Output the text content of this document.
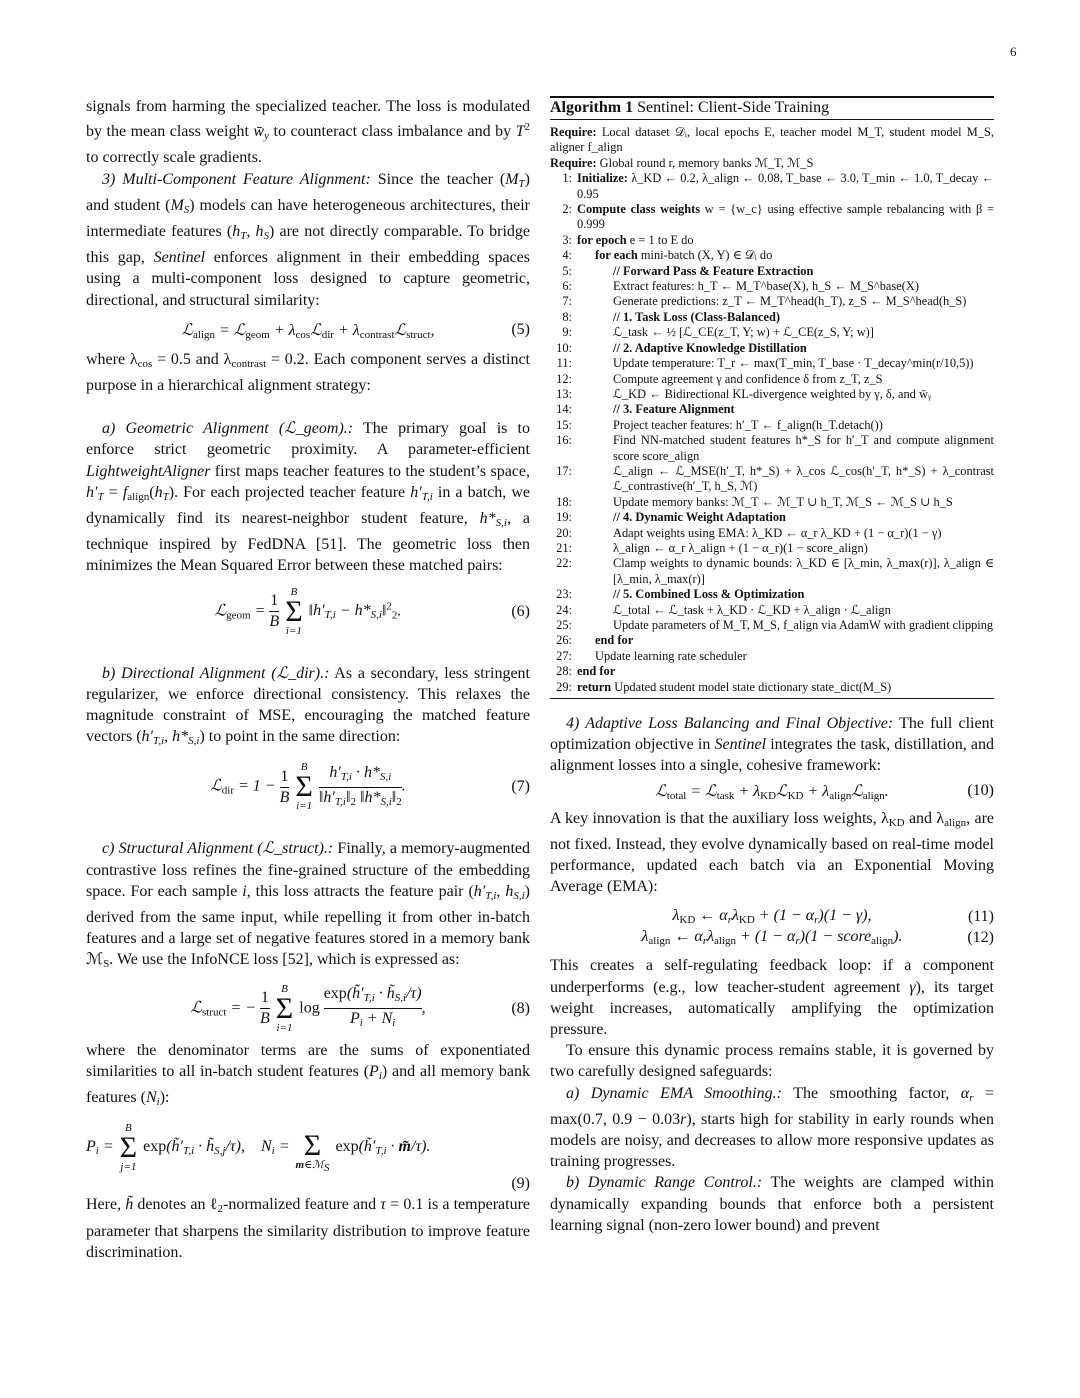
6

signals from harming the specialized teacher. The loss is modulated by the mean class weight $w̄_y$ to counteract class imbalance and by $T^2$ to correctly scale gradients.

3) Multi-Component Feature Alignment: Since the teacher $(M_T)$ and student $(M_S)$ models can have heterogeneous architectures, their intermediate features ($h_T$, $h_S$) are not directly comparable. To bridge this gap, Sentinel enforces alignment in their embedding spaces using a multi-component loss designed to capture geometric, directional, and structural similarity:

ℒ$_{align}$ = ℒ$_{geom}$ + $\lambda_{cos}ℒ_{dir}$ + $\lambda_{contrast}ℒ_{struct}$,	(5)

where $\lambda_{cos} = 0.5$ and $\lambda_{contrast} = 0.2$. Each component serves a distinct purpose in a hierarchical alignment strategy:

a) Geometric Alignment (ℒ_geom).: The primary goal is to enforce strict geometric proximity. A parameter-efficient LightweightAligner first maps teacher features to the student’s space, $h'_T = f_{align}(h_T)$. For each projected teacher feature $h'_{T,i}$ in a batch, we dynamically find its nearest-neighbor student feature, $h*_{S,i}$, a technique inspired by FedDNA [51]. The geometric loss then minimizes the Mean Squared Error between these matched pairs:

ℒ$_{geom}$ = $\frac{1}{B}$
	B
Σ
i=1
$‖h'_{T,i}$ − $h*_{S,i}‖^2_2$.	(6)

b) Directional Alignment (ℒ_dir).: As a secondary, less stringent regularizer, we enforce directional consistency. This relaxes the magnitude constraint of MSE, encouraging the matched feature vectors ($h'_{T,i}$, $h*_{S,i}$) to point in the same direction:

ℒ$_{dir}$ = $1 - \frac{1}{B}$
	B
Σ
i=1
$\frac{h'_{T,i} \cdot h*_{S,i}}{‖h'_{T,i}‖_2 ‖h*_{S,i}‖_2}$ .	(7)

c) Structural Alignment (ℒ_struct).: Finally, a memory-augmented contrastive loss refines the fine-grained structure of the embedding space. For each sample i, this loss attracts the feature pair ($h'_{T,i}$, $h_{S,i}$) derived from the same input, while repelling it from other in-batch features and a large set of negative features stored in a memory bank ℳ$_S$. We use the InfoNCE loss [52], which is expressed as:

ℒ$_{struct}$ = − $\frac{1}{B}$
	B
Σ
i=1
$\log \frac{\exp(h̃'_{T,i} \cdot h̃_{S,i}/\tau)}{P_i + N_i}$ ,	(8)

where the denominator terms are the sums of exponentiated similarities to all in-batch student features $(P_i)$ and all memory bank features $(N_i)$:

$P_i$ =
B
Σ
j=1
$\exp(h̃'_{T,i}$ · $h̃_{S,j}/\tau$),    $N_i$ =
Σ
m∈ℳS
$\exp(h̃'_{T,i}$ · m̃/τ).
(9)

Here, h̃ denotes an ℓ$_2$-normalized feature and τ = 0.1 is a temperature parameter that sharpens the similarity distribution to improve feature discrimination.

Algorithm 1 Sentinel: Client-Side Training
Require: Local dataset 𝒟ᵢ, local epochs E, teacher model M_T, student model M_S, aligner f_align
Require: Global round r, memory banks ℳ_T, ℳ_S
1: Initialize: λ_KD ← 0.2, λ_align ← 0.08, T_base ← 3.0, T_min ← 1.0, T_decay ← 0.95
2: Compute class weights w = {w_c} using effective sample rebalancing with β = 0.999
3: for epoch e = 1 to E do
4:	for each mini-batch (X, Y) ∈ 𝒟ᵢ do
5:	// Forward Pass & Feature Extraction
6:	Extract features: h_T ← M_T^base(X), h_S ← M_S^base(X)
7:	Generate predictions: z_T ← M_T^head(h_T), z_S ← M_S^head(h_S)
8:	// 1. Task Loss (Class-Balanced)
9:	ℒ_task ← ½ [ℒ_CE(z_T, Y; w) + ℒ_CE(z_S, Y; w)]
10:	// 2. Adaptive Knowledge Distillation
11:	Update temperature: T_r ← max(T_min, T_base · T_decay^min(r/10,5))
12:	Compute agreement γ and confidence δ from z_T, z_S
13:	ℒ_KD ← Bidirectional KL-divergence weighted by γ, δ, and w̄ᵧ
14:	// 3. Feature Alignment
15:	Project teacher features: h′_T ← f_align(h_T.detach())
16:	Find NN-matched student features h*_S for h′_T and compute alignment score score_align
17:	ℒ_align ← ℒ_MSE(h′_T, h*_S) + λ_cos ℒ_cos(h′_T, h*_S) + λ_contrast ℒ_contrastive(h′_T, h_S, ℳ)
18:	Update memory banks: ℳ_T ← ℳ_T ∪ h_T, ℳ_S ← ℳ_S ∪ h_S
19:	// 4. Dynamic Weight Adaptation
20:	Adapt weights using EMA: λ_KD ← α_r λ_KD + (1 − α_r)(1 − γ)
21:	λ_align ← α_r λ_align + (1 − α_r)(1 − score_align)
22:	Clamp weights to dynamic bounds: λ_KD ∈ [λ_min, λ_max(r)], λ_align ∈ [λ_min, λ_max(r)]
23:	// 5. Combined Loss & Optimization
24:	ℒ_total ← ℒ_task + λ_KD · ℒ_KD + λ_align · ℒ_align
25:	Update parameters of M_T, M_S, f_align via AdamW with gradient clipping
26:	end for
27:	Update learning rate scheduler
28: end for
29: return Updated student model state dictionary state_dict(M_S)

4) Adaptive Loss Balancing and Final Objective: The full client optimization objective in Sentinel integrates the task, distillation, and alignment losses into a single, cohesive framework:

ℒ$_{total}$ = ℒ$_{task}$ + $\lambda_{KD}ℒ_{KD}$ + $\lambda_{align}ℒ_{align}$.	(10)

A key innovation is that the auxiliary loss weights, $\lambda_{KD}$ and $\lambda_{align}$, are not fixed. Instead, they evolve dynamically based on real-time model performance, updated each batch via an Exponential Moving Average (EMA):

$\lambda_{KD}$ ← $\alpha_r\lambda_{KD} + (1 - \alpha_r)(1 - \gamma)$,	(11)
$\lambda_{align}$ ← $\alpha_r\lambda_{align} + (1 - \alpha_r)(1$ − score$_{align}$).	(12)

This creates a self-regulating feedback loop: if a component underperforms (e.g., low teacher-student agreement γ), its target weight increases, automatically amplifying the optimization pressure.

To ensure this dynamic process remains stable, it is governed by two carefully designed safeguards:

a) Dynamic EMA Smoothing.: The smoothing factor, $\alpha_r = \max(0.7$, 0.9 − 0.03r), starts high for stability in early rounds when models are noisy, and decreases to allow more responsive updates as training progresses.

b) Dynamic Range Control.: The weights are clamped within dynamically expanding bounds that enforce both a persistent learning signal (non-zero lower bound) and prevent
